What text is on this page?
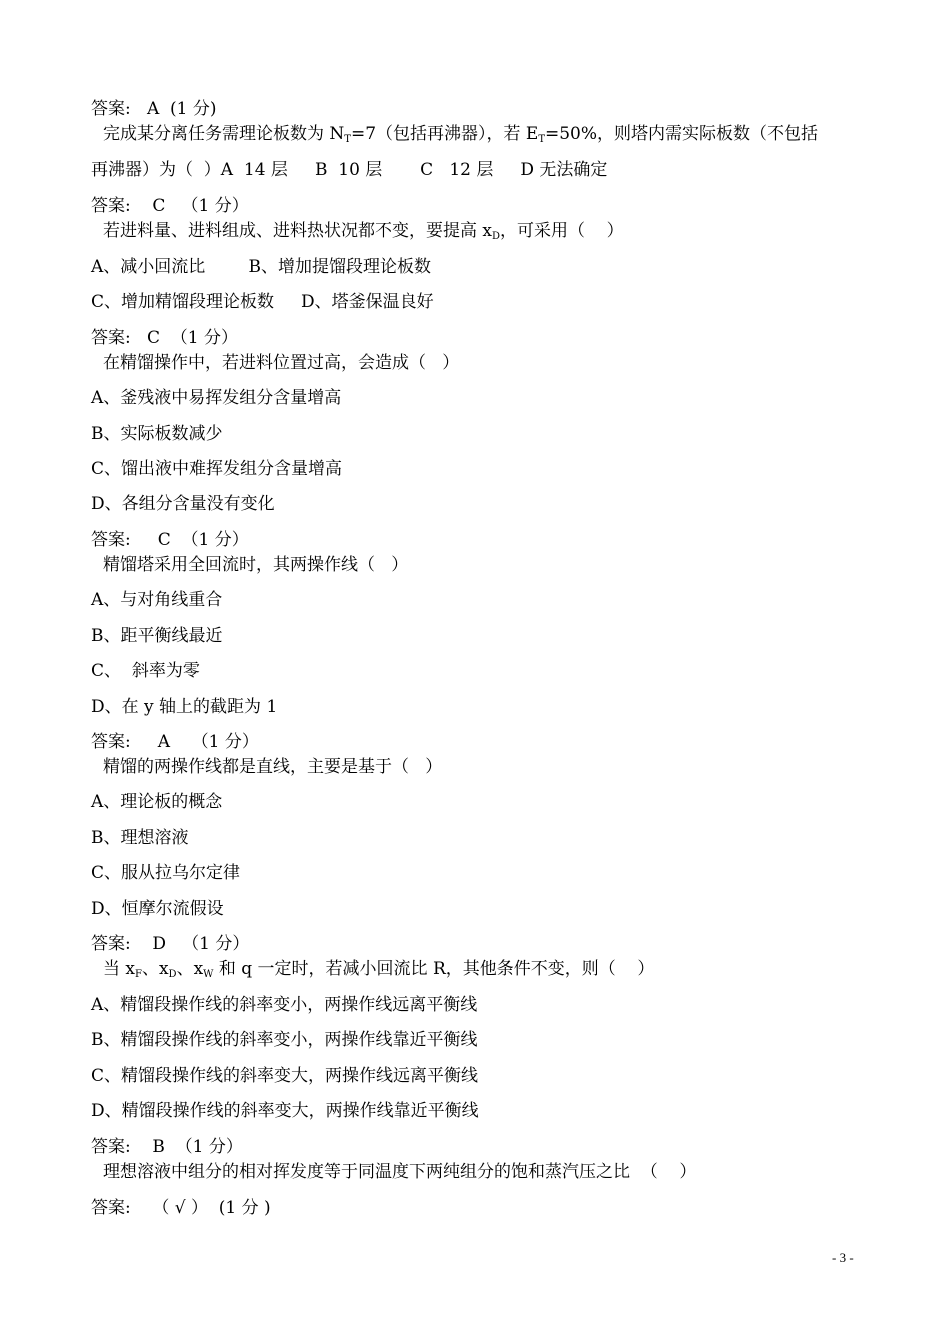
答案:   A  (1 分)

完成某分离任务需理论板数为 $N_T=7$（包括再沸器），若 $E_T=50\%$，则塔内需实际板数（不包括

再沸器）为（  ）A  14 层     B  10 层       C   12 层     D 无法确定

答案:    C   （1 分）

若进料量、进料组成、进料热状况都不变，要提高 $x_D$，可采用（    ）

A、减小回流比        B、增加提馏段理论板数

C、增加精馏段理论板数     D、塔釜保温良好

答案:   C  （1 分）

在精馏操作中，若进料位置过高，会造成（   ）

A、釜残液中易挥发组分含量增高

B、实际板数减少

C、馏出液中难挥发组分含量增高

D、各组分含量没有变化

答案:     C  （1 分）

精馏塔采用全回流时，其两操作线（   ）

A、与对角线重合

B、距平衡线最近

C、  斜率为零

D、在 y 轴上的截距为 1

答案:     A    （1 分）

精馏的两操作线都是直线，主要是基于（   ）

A、理论板的概念

B、理想溶液

C、服从拉乌尔定律

D、恒摩尔流假设

答案:    D   （1 分）

当 $x_F$、$x_D$、$x_W$ 和 q 一定时，若减小回流比 R，其他条件不变，则（    ）

A、精馏段操作线的斜率变小，两操作线远离平衡线

B、精馏段操作线的斜率变小，两操作线靠近平衡线

C、精馏段操作线的斜率变大，两操作线远离平衡线

D、精馏段操作线的斜率变大，两操作线靠近平衡线

答案:    B  （1 分）

理想溶液中组分的相对挥发度等于同温度下两纯组分的饱和蒸汽压之比  （    ）

答案:    （ √ ）  (1 分 )

- 3 -
